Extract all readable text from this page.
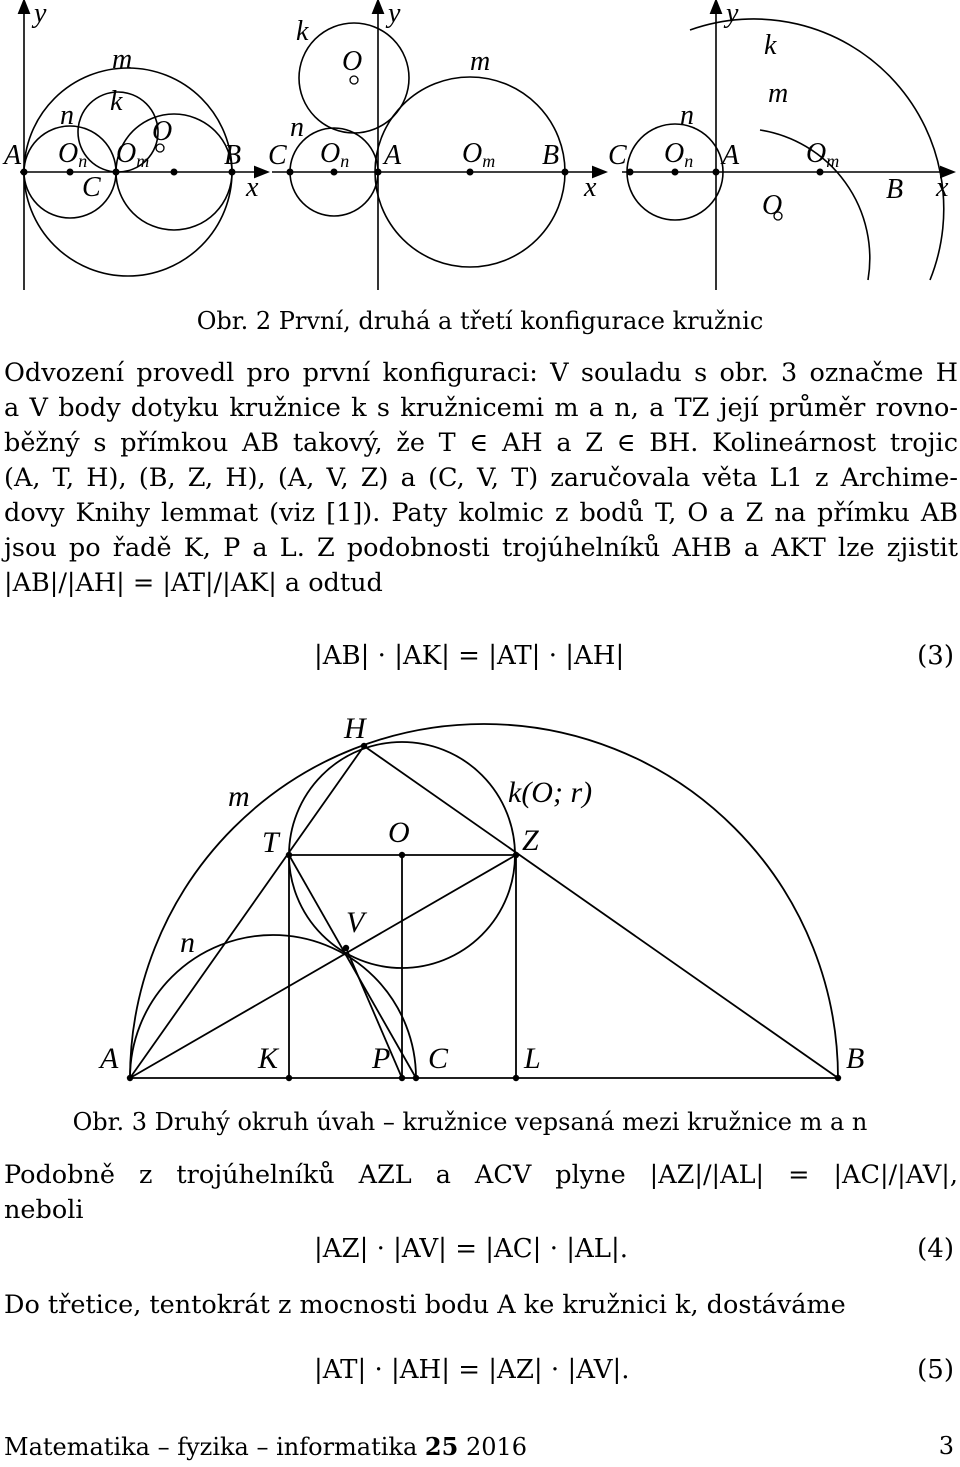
y
x
m
n k
O
A On Om	B
C
y
x
k
O	m
n
C On A Om B
y
x
k
m
n
C On A Om
O
B
Obr. 2 První, druhá a třetí konfigurace kružnic
Odvození provedl pro první konfiguraci: V souladu s obr. 3 označme H
a V body dotyku kružnice k s kružnicemi m a n, a TZ její průměr rovno-
běžný s přímkou AB takový, že T ∈ AH a Z ∈ BH. Kolineárnost trojic
(A, T, H), (B, Z, H), (A, V, Z) a (C, V, T) zaručovala věta L1 z Archime-
dovy Knihy lemmat (viz [1]). Paty kolmic z bodů T, O a Z na přímku AB
jsou po řadě K, P a L. Z podobnosti trojúhelníků AHB a AKT lze zjistit
|AB|/|AH| = |AT|/|AK| a odtud
|AB| · |AK| = |AT| · |AH|	(3)
H
m	k(O; r)
T	O	Z
V
n
A	K	P C	L	B
Obr. 3 Druhý okruh úvah – kružnice vepsaná mezi kružnice m a n
Podobně z trojúhelníků AZL a ACV plyne |AZ|/|AL| = |AC|/|AV|,
neboli
|AZ| · |AV| = |AC| · |AL|.	(4)
Do třetice, tentokrát z mocnosti bodu A ke kružnici k, dostáváme
|AT| · |AH| = |AZ| · |AV|.	(5)
Matematika – fyzika – informatika 25 2016	3
